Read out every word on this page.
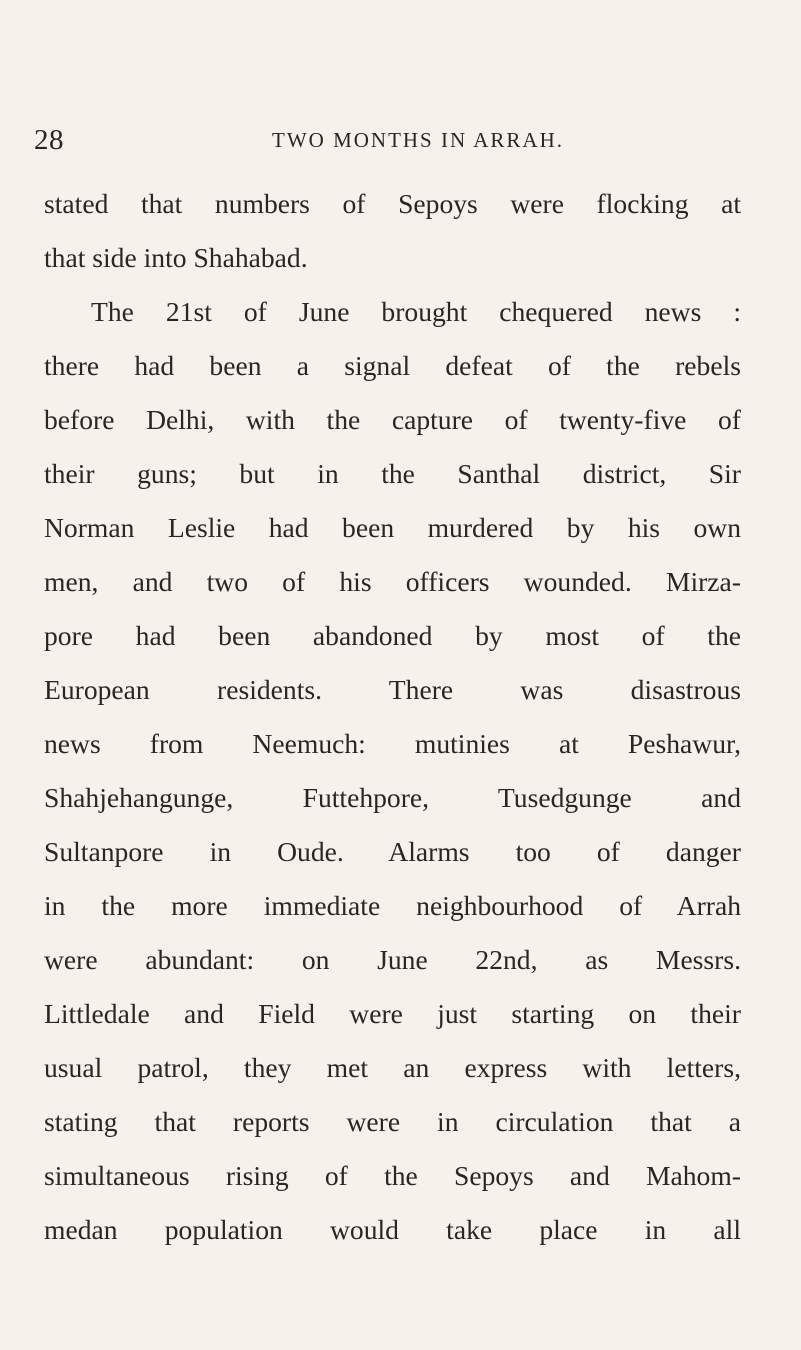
28	TWO MONTHS IN ARRAH.
stated that numbers of Sepoys were flocking at
that side into Shahabad.
The 21st of June brought chequered news :
there had been a signal defeat of the rebels
before Delhi, with the capture of twenty-five of
their guns; but in the Santhal district, Sir
Norman Leslie had been murdered by his own
men, and two of his officers wounded. Mirza-
pore had been abandoned by most of the
European residents. There was disastrous
news from Neemuch: mutinies at Peshawur,
Shahjehangunge, Futtehpore, Tusedgunge and
Sultanpore in Oude. Alarms too of danger
in the more immediate neighbourhood of Arrah
were abundant: on June 22nd, as Messrs.
Littledale and Field were just starting on their
usual patrol, they met an express with letters,
stating that reports were in circulation that a
simultaneous rising of the Sepoys and Mahom-
medan population would take place in all
